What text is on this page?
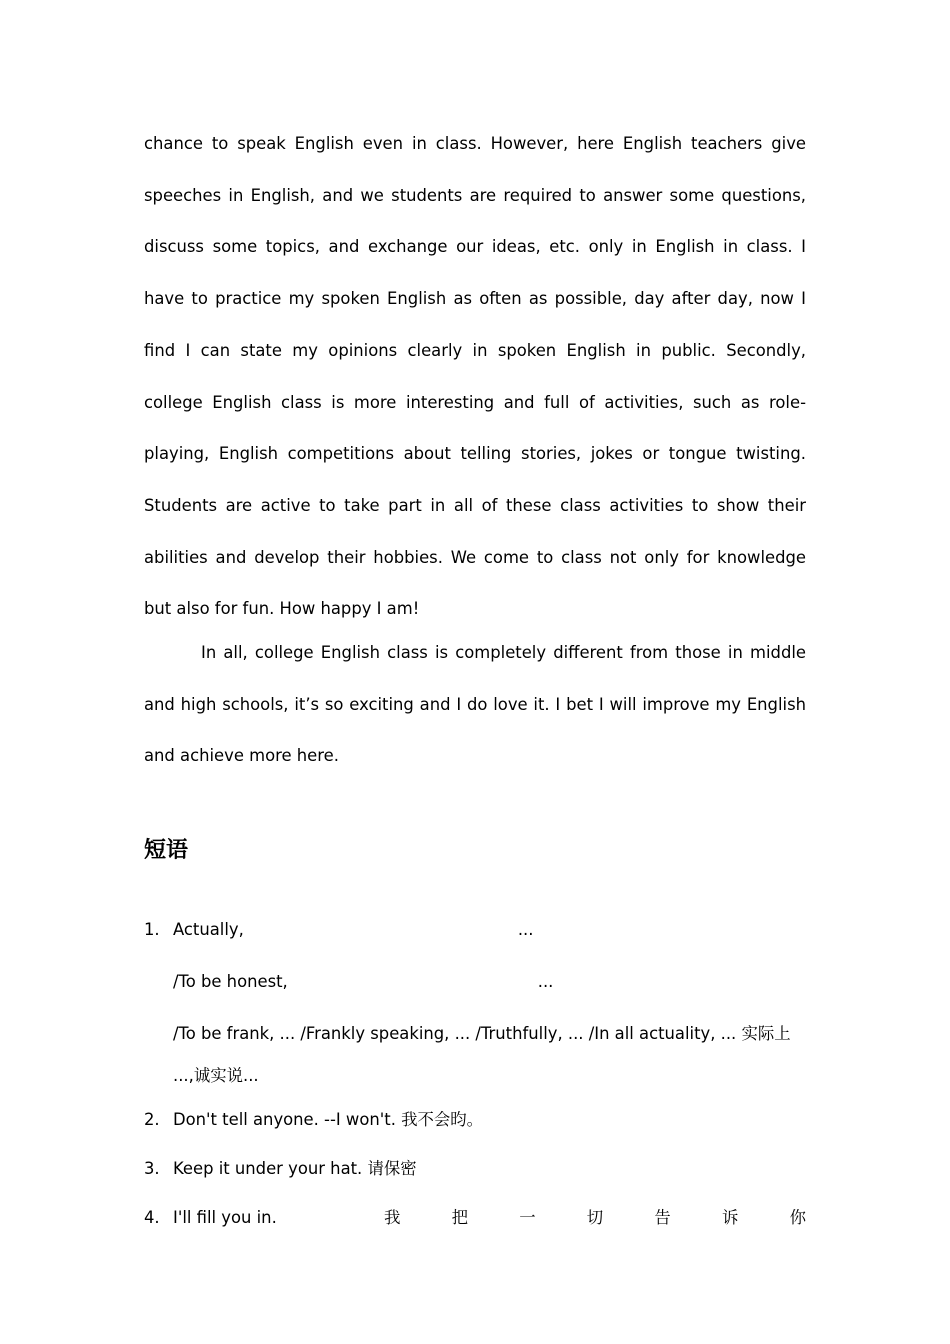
chance to speak English even in class. However, here English teachers give speeches in English, and we students are required to answer some questions, discuss some topics, and exchange our ideas, etc. only in English in class. I have to practice my spoken English as often as possible, day after day, now I find I can state my opinions clearly in spoken English in public. Secondly, college English class is more interesting and full of activities, such as role-playing, English competitions about telling stories, jokes or tongue twisting. Students are active to take part in all of these class activities to show their abilities and develop their hobbies. We come to class not only for knowledge but also for fun. How happy I am!

In all, college English class is completely different from those in middle and high schools, it’s so exciting and I do love it. I bet I will improve my English and achieve more here.

短语
1. Actually,	...
/To be honest,	...
/To be frank, ... /Frankly speaking, ... /Truthfully, ... /In all actuality, ... 实际上
...,诚实说...
2. Don't tell anyone. --I won't. 我不会昀。
3. Keep it under your hat. 请保密
4. I'll fill you in.	我	把	一	切	告	诉	你
